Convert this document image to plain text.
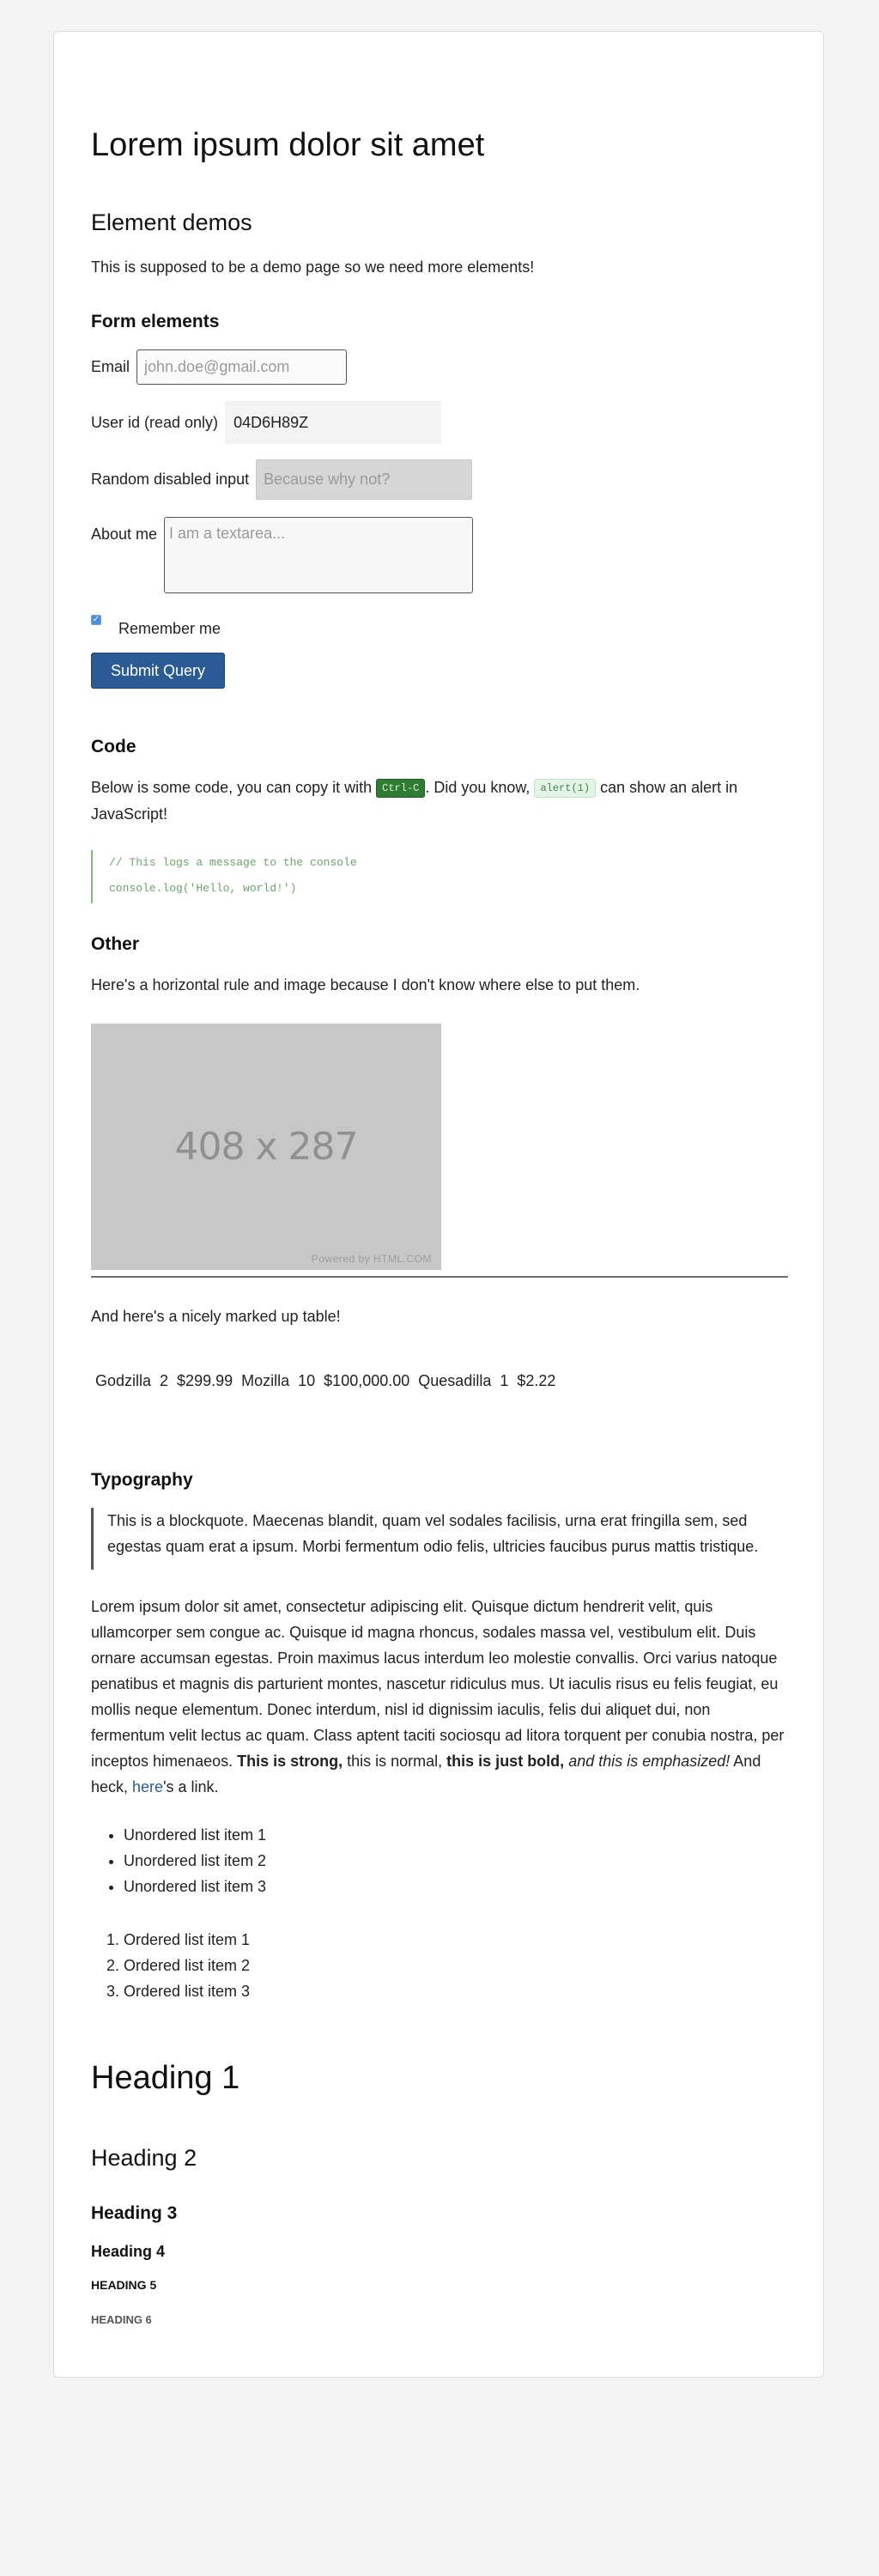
Lorem ipsum dolor sit amet
Element demos

This is supposed to be a demo page so we need more elements!

Form elements
Email
john.doe@gmail.com
User id (read only)
04D6H89Z
Random disabled input
Because why not?
About me
I am a textarea...
✓
Remember me
Submit Query
Code

Below is some code, you can copy it with Ctrl-C . Did you know, alert(1) can show an alert in JavaScript!

// This logs a message to the console
console.log('Hello, world!')
Other

Here's a horizontal rule and image because I don't know where else to put them.

408 x 287
Powered by HTML.COM

And here's a nicely marked up table!

Godzilla	2	$299.99	Mozilla	10	$100,000.00	Quesadilla	1	$2.22
Typography
This is a blockquote. Maecenas blandit, quam vel sodales facilisis, urna erat fringilla sem, sed egestas quam erat a ipsum. Morbi fermentum odio felis, ultricies faucibus purus mattis tristique.

Lorem ipsum dolor sit amet, consectetur adipiscing elit. Quisque dictum hendrerit velit, quis ullamcorper sem congue ac. Quisque id magna rhoncus, sodales massa vel, vestibulum elit. Duis ornare accumsan egestas. Proin maximus lacus interdum leo molestie convallis. Orci varius natoque penatibus et magnis dis parturient montes, nascetur ridiculus mus. Ut iaculis risus eu felis feugiat, eu mollis neque elementum. Donec interdum, nisl id dignissim iaculis, felis dui aliquet dui, non fermentum velit lectus ac quam. Class aptent taciti sociosqu ad litora torquent per conubia nostra, per inceptos himenaeos. This is strong, this is normal, this is just bold, and this is emphasized! And heck, here's a link.

• Unordered list item 1
• Unordered list item 2
• Unordered list item 3
1. Ordered list item 1
2. Ordered list item 2
3. Ordered list item 3
Heading 1
Heading 2
Heading 3
Heading 4
HEADING 5
HEADING 6
